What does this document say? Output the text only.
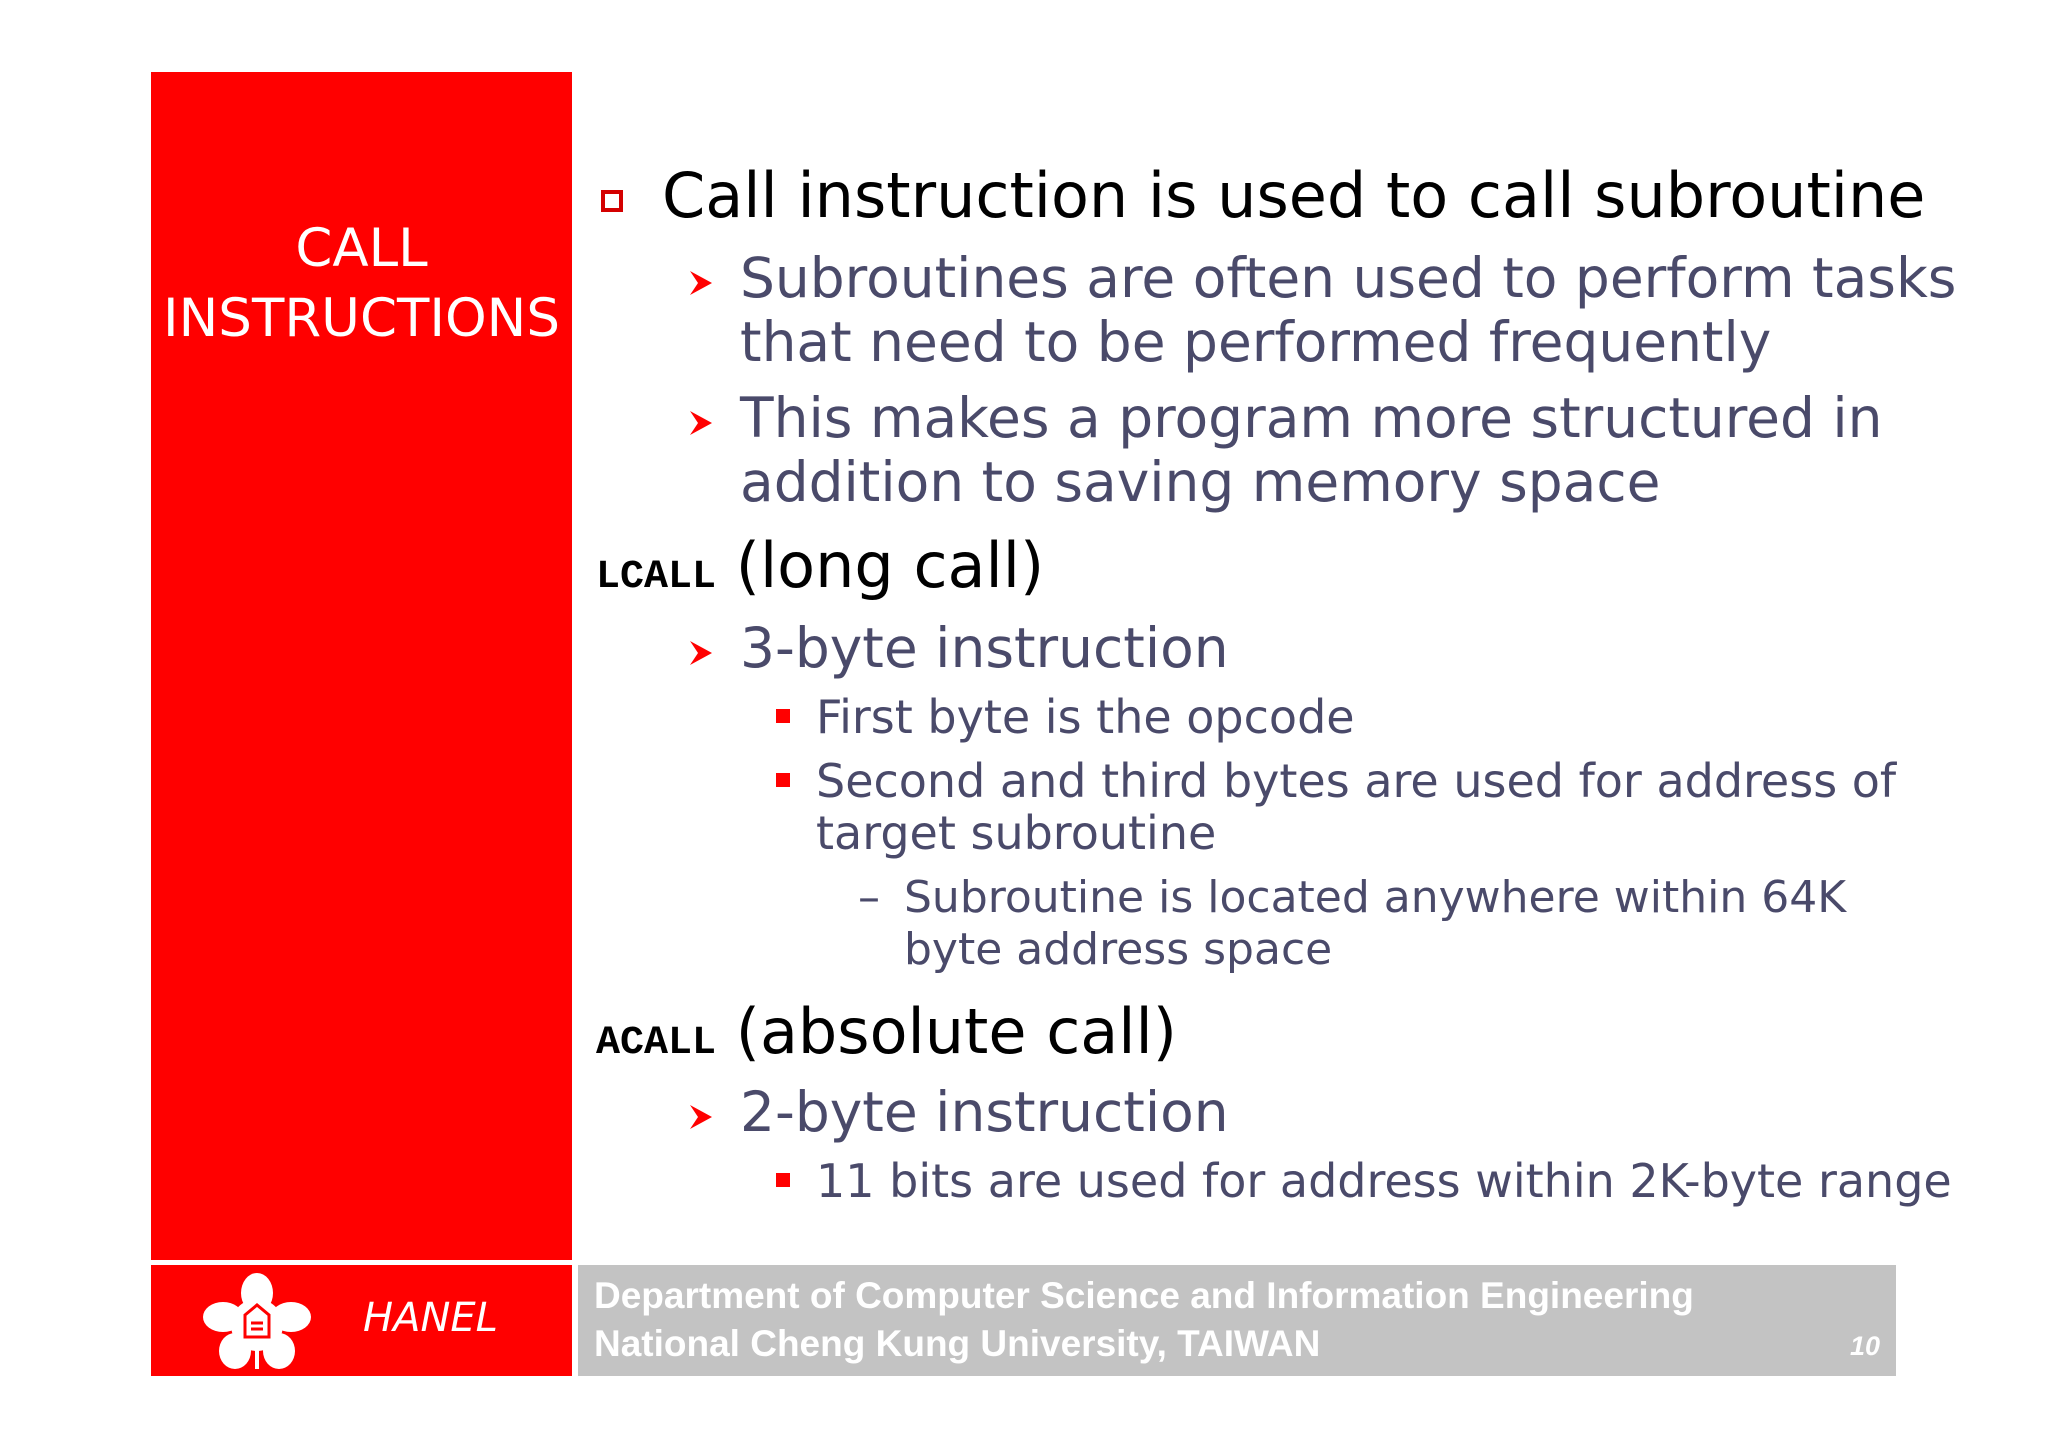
CALL
INSTRUCTIONS
HANEL	Department of Computer Science and Information Engineering
National Cheng Kung University, TAIWAN	10
Call instruction is used to call subroutine
Subroutines are often used to perform tasks
that need to be performed frequently
This makes a program more structured in
addition to saving memory space
LCALL (long call)
3-byte instruction
First byte is the opcode
Second and third bytes are used for address of
target subroutine
– Subroutine is located anywhere within 64K
byte address space
ACALL (absolute call)
2-byte instruction
11 bits are used for address within 2K-byte range
